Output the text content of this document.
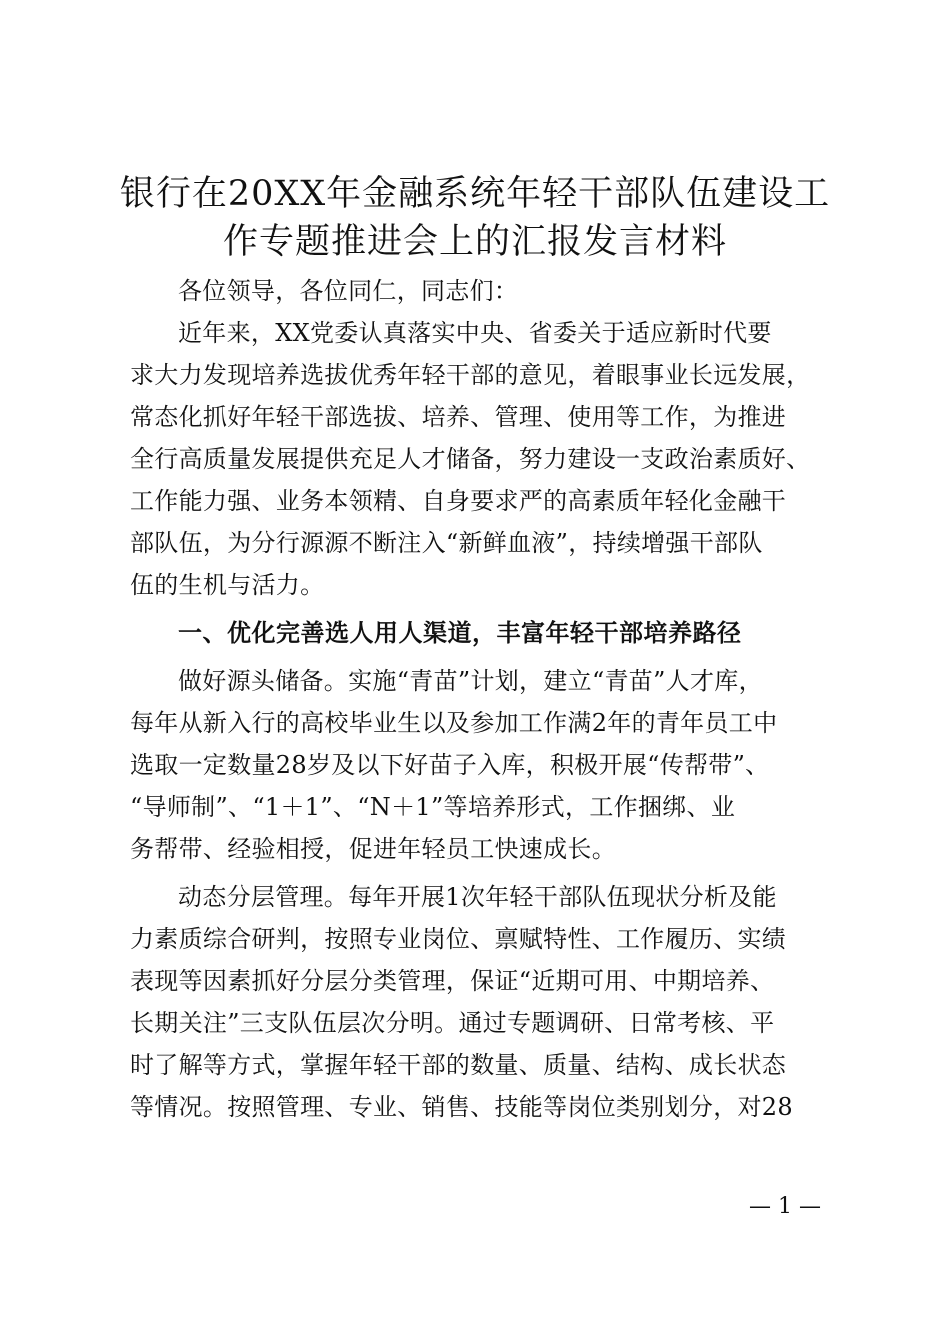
银行在20XX年金融系统年轻干部队伍建设工
作专题推进会上的汇报发言材料
各位领导，各位同仁，同志们：
近年来，XX党委认真落实中央、省委关于适应新时代要
求大力发现培养选拔优秀年轻干部的意见，着眼事业长远发展，
常态化抓好年轻干部选拔、培养、管理、使用等工作，为推进
全行高质量发展提供充足人才储备，努力建设一支政治素质好、
工作能力强、业务本领精、自身要求严的高素质年轻化金融干
部队伍，为分行源源不断注入“新鲜血液”，持续增强干部队
伍的生机与活力。
一、优化完善选人用人渠道，丰富年轻干部培养路径
做好源头储备。实施“青苗”计划，建立“青苗”人才库，
每年从新入行的高校毕业生以及参加工作满2年的青年员工中
选取一定数量28岁及以下好苗子入库，积极开展“传帮带”、
“导师制”、“1＋1”、“N＋1”等培养形式，工作捆绑、业
务帮带、经验相授，促进年轻员工快速成长。
动态分层管理。每年开展1次年轻干部队伍现状分析及能
力素质综合研判，按照专业岗位、禀赋特性、工作履历、实绩
表现等因素抓好分层分类管理，保证“近期可用、中期培养、
长期关注”三支队伍层次分明。通过专题调研、日常考核、平
时了解等方式，掌握年轻干部的数量、质量、结构、成长状态
等情况。按照管理、专业、销售、技能等岗位类别划分，对28
— 1 —
